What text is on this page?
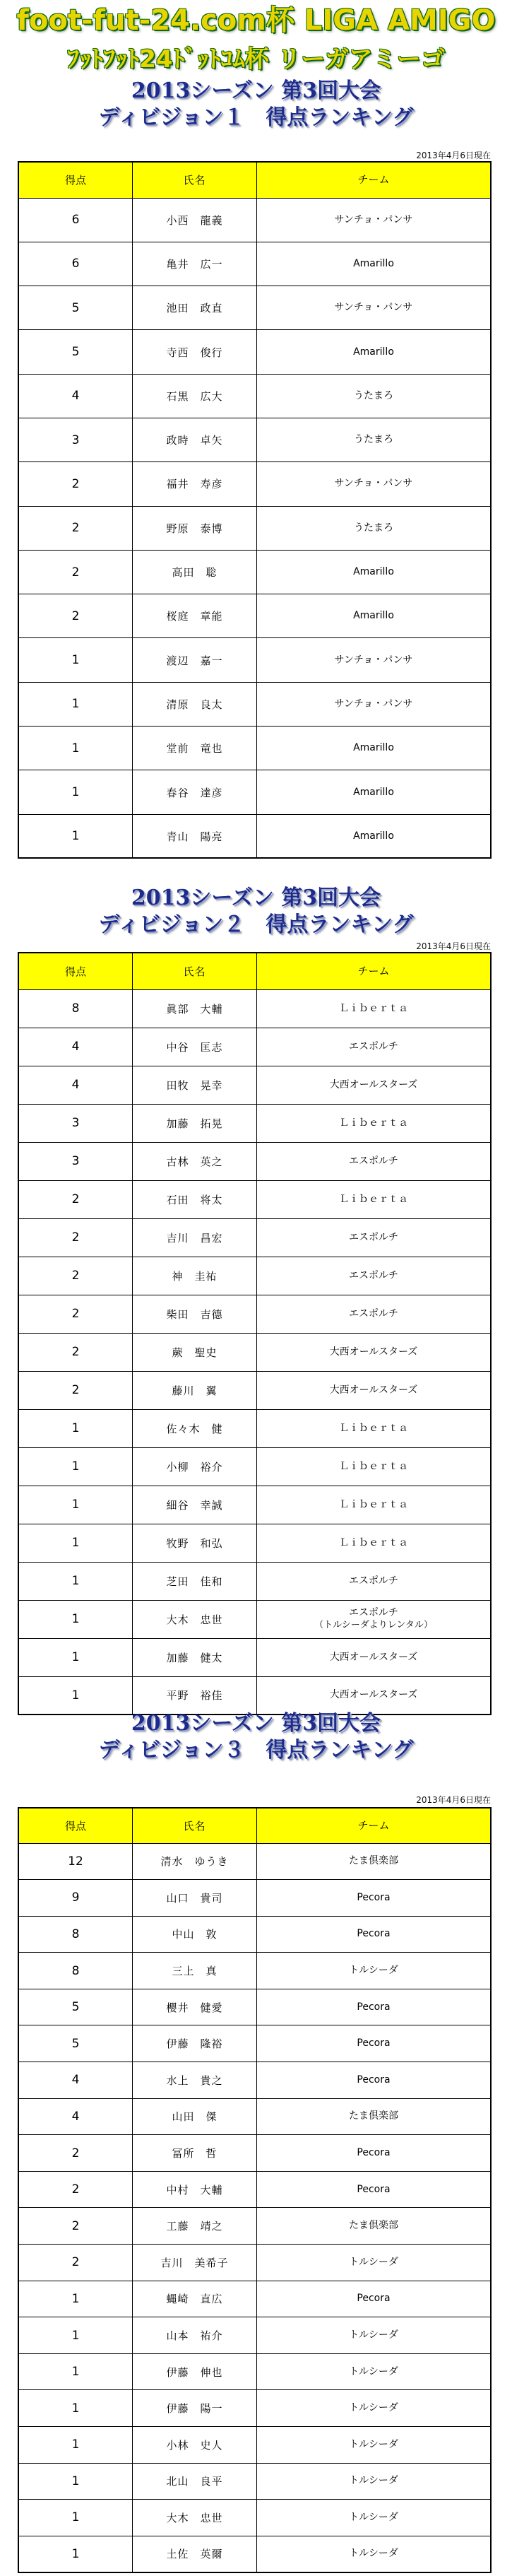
foot-fut-24.com杯 LIGA AMIGO
ﾌｯﾄﾌｯﾄ24ﾄﾞｯﾄｺﾑ杯 リーガアミーゴ
2013シーズン 第3回大会
ディビジョン１　得点ランキング
2013年4月6日現在
得点	氏名	チーム
6	小西　龍義	サンチョ・パンサ

6	亀井　広一	Amarillo

5	池田　政直	サンチョ・パンサ

5	寺西　俊行	Amarillo

4	石黒　広大	うたまろ

3	政時　卓矢	うたまろ

2	福井　寿彦	サンチョ・パンサ

2	野原　泰博	うたまろ

2	高田　聡	Amarillo

2	桜庭　章能	Amarillo

1	渡辺　嘉一	サンチョ・パンサ

1	清原　良太	サンチョ・パンサ

1	堂前　竜也	Amarillo

1	春谷　達彦	Amarillo

1	青山　陽亮	Amarillo
2013シーズン 第3回大会
ディビジョン２　得点ランキング
2013年4月6日現在
得点	氏名	チーム
8	眞部　大輔	Ｌｉｂｅｒｔａ

4	中谷　匡志	エスポルチ

4	田牧　晃幸	大西オールスターズ

3	加藤　拓晃	Ｌｉｂｅｒｔａ

3	古林　英之	エスポルチ

2	石田　将太	Ｌｉｂｅｒｔａ

2	吉川　昌宏	エスポルチ

2	神　圭祐	エスポルチ

2	柴田　吉德	エスポルチ

2	蕨　聖史	大西オールスターズ

2	藤川　翼	大西オールスターズ

1	佐々木　健	Ｌｉｂｅｒｔａ

1	小柳　裕介	Ｌｉｂｅｒｔａ

1	細谷　幸誠	Ｌｉｂｅｒｔａ

1	牧野　和弘	Ｌｉｂｅｒｔａ

1	芝田　佳和	エスポルチ

1	大木　忠世	エスポルチ
（トルシーダよりレンタル）

1	加藤　健太	大西オールスターズ

1	平野　裕佳	大西オールスターズ
2013シーズン 第3回大会
ディビジョン３　得点ランキング
2013年4月6日現在
得点	氏名	チーム
12	清水　ゆうき	たま倶楽部

9	山口　貴司	Pecora

8	中山　敦	Pecora

8	三上　真	トルシーダ

5	櫻井　健愛	Pecora

5	伊藤　隆裕	Pecora

4	水上　貴之	Pecora

4	山田　傑	たま倶楽部

2	冨所　哲	Pecora

2	中村　大輔	Pecora

2	工藤　靖之	たま倶楽部

2	吉川　美希子	トルシーダ

1	蝿崎　直広	Pecora

1	山本　祐介	トルシーダ

1	伊藤　伸也	トルシーダ

1	伊藤　陽一	トルシーダ

1	小林　史人	トルシーダ

1	北山　良平	トルシーダ

1	大木　忠世	トルシーダ

1	土佐　英爾	トルシーダ
